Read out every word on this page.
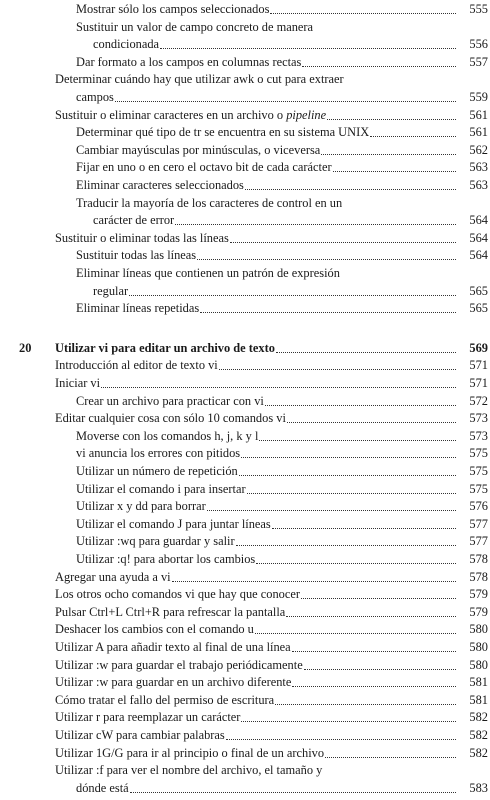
Mostrar sólo los campos seleccionados	555
Sustituir un valor de campo concreto de manera
condicionada	556
Dar formato a los campos en columnas rectas	557
Determinar cuándo hay que utilizar awk o cut para extraer
campos	559
Sustituir o eliminar caracteres en un archivo o pipeline	561
Determinar qué tipo de tr se encuentra en su sistema UNIX	561
Cambiar mayúsculas por minúsculas, o viceversa	562
Fijar en uno o en cero el octavo bit de cada carácter	563
Eliminar caracteres seleccionados	563
Traducir la mayoría de los caracteres de control en un
carácter de error	564
Sustituir o eliminar todas las líneas	564
Sustituir todas las líneas	564
Eliminar líneas que contienen un patrón de expresión
regular	565
Eliminar líneas repetidas	565
20 Utilizar vi para editar un archivo de texto	569
Introducción al editor de texto vi	571
Iniciar vi	571
Crear un archivo para practicar con vi	572
Editar cualquier cosa con sólo 10 comandos vi	573
Moverse con los comandos h, j, k y l	573
vi anuncia los errores con pitidos	575
Utilizar un número de repetición	575
Utilizar el comando i para insertar	575
Utilizar x y dd para borrar	576
Utilizar el comando J para juntar líneas	577
Utilizar :wq para guardar y salir	577
Utilizar :q! para abortar los cambios	578
Agregar una ayuda a vi	578
Los otros ocho comandos vi que hay que conocer	579
Pulsar Ctrl+L Ctrl+R para refrescar la pantalla	579
Deshacer los cambios con el comando u	580
Utilizar A para añadir texto al final de una línea	580
Utilizar :w para guardar el trabajo periódicamente	580
Utilizar :w para guardar en un archivo diferente	581
Cómo tratar el fallo del permiso de escritura	581
Utilizar r para reemplazar un carácter	582
Utilizar cW para cambiar palabras	582
Utilizar 1G/G para ir al principio o final de un archivo	582
Utilizar :f para ver el nombre del archivo, el tamaño y
dónde está	583
